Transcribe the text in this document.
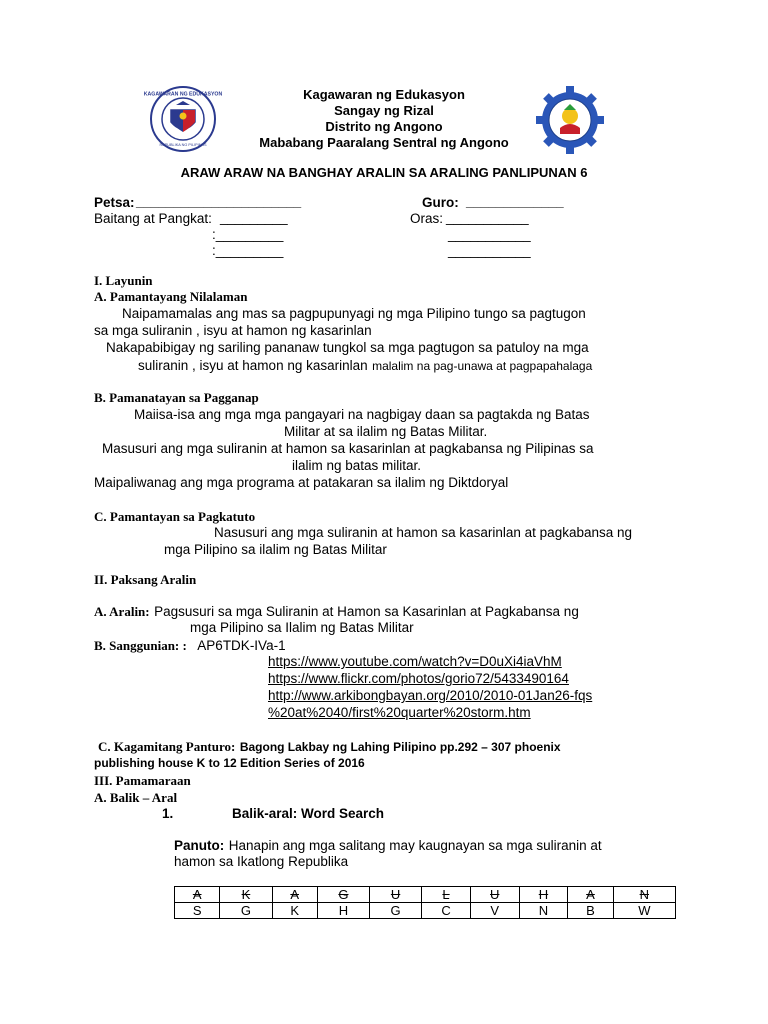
KAGAWARAN NG EDUKASYON
REPUBLIKA NG PILIPINAS
Kagawaran ng Edukasyon
Sangay ng Rizal
Distrito ng Angono
Mababang Paaralang Sentral ng Angono
ARAW ARAW NA BANGHAY ARALIN SA ARALING PANLIPUNAN 6
Petsa: ______________________	Guro: _____________
Baitang at Pangkat: _________	Oras: ___________
:_________	___________
:_________	___________
I. Layunin
A. Pamantayang Nilalaman
Naipamamalas ang mas sa pagpupunyagi ng mga Pilipino tungo sa pagtugon
sa mga suliranin , isyu at hamon ng kasarinlan
Nakapabibigay ng sariling pananaw tungkol sa mga pagtugon sa patuloy na mga
suliranin , isyu at hamon ng kasarinlan malalim na pag-unawa at pagpapahalaga
B. Pamanatayan sa Pagganap
Maiisa-isa ang mga mga pangayari na nagbigay daan sa pagtakda ng Batas
Militar at sa ilalim ng Batas Militar.
Masusuri ang mga suliranin at hamon sa kasarinlan at pagkabansa ng Pilipinas sa
ilalim ng batas militar.
Maipaliwanag ang mga programa at patakaran sa ilalim ng Diktdoryal
C. Pamantayan sa Pagkatuto
Nasusuri ang mga suliranin at hamon sa kasarinlan at pagkabansa ng
mga Pilipino sa ilalim ng Batas Militar
II. Paksang Aralin
A. Aralin: Pagsusuri sa mga Suliranin at Hamon sa Kasarinlan at Pagkabansa ng
mga Pilipino sa Ilalim ng Batas Militar
B. Sanggunian: : AP6TDK-IVa-1
https://www.youtube.com/watch?v=D0uXi4iaVhM
https://www.flickr.com/photos/gorio72/5433490164
http://www.arkibongbayan.org/2010/2010-01Jan26-fqs
%20at%2040/first%20quarter%20storm.htm
C. Kagamitang Panturo: Bagong Lakbay ng Lahing Pilipino pp.292 – 307 phoenix
publishing house K to 12 Edition Series of 2016
III. Pamamaraan
A. Balik – Aral
1.	Balik-aral: Word Search
Panuto: Hanapin ang mga salitang may kaugnayan sa mga suliranin at
hamon sa Ikatlong Republika
A	K	A	G	U	L	U	H	A	N
S	G	K	H	G	C	V	N	B	W
